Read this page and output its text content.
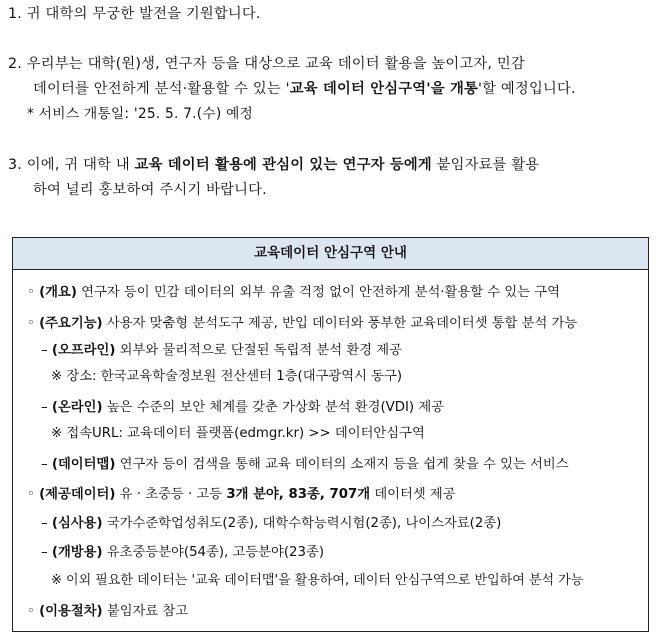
1. 귀 대학의 무궁한 발전을 기원합니다.
2. 우리부는 대학(원)생, 연구자 등을 대상으로 교육 데이터 활용을 높이고자, 민감
데이터를 안전하게 분석·활용할 수 있는 '교육 데이터 안심구역'을 개통'할 예정입니다.
* 서비스 개통일: '25. 5. 7.(수) 예정
3. 이에, 귀 대학 내 교육 데이터 활용에 관심이 있는 연구자 등에게 붙임자료를 활용
하여 널리 홍보하여 주시기 바랍니다.
교육데이터 안심구역 안내
◦ (개요) 연구자 등이 민감 데이터의 외부 유출 걱정 없이 안전하게 분석·활용할 수 있는 구역
◦ (주요기능) 사용자 맞춤형 분석도구 제공, 반입 데이터와 풍부한 교육데이터셋 통합 분석 가능
– (오프라인) 외부와 물리적으로 단절된 독립적 분석 환경 제공
※ 장소: 한국교육학술정보원 전산센터 1층(대구광역시 동구)
– (온라인) 높은 수준의 보안 체계를 갖춘 가상화 분석 환경(VDI) 제공
※ 접속URL: 교육데이터 플랫폼(edmgr.kr) >> 데이터안심구역
– (데이터맵) 연구자 등이 검색을 통해 교육 데이터의 소재지 등을 쉽게 찾을 수 있는 서비스
◦ (제공데이터) 유 · 초중등 · 고등 3개 분야, 83종, 707개 데이터셋 제공
– (심사용) 국가수준학업성취도(2종), 대학수학능력시험(2종), 나이스자료(2종)
– (개방용) 유초중등분야(54종), 고등분야(23종)
※ 이외 필요한 데이터는 '교육 데이터맵'을 활용하여, 데이터 안심구역으로 반입하여 분석 가능
◦ (이용절차) 붙임자료 참고
